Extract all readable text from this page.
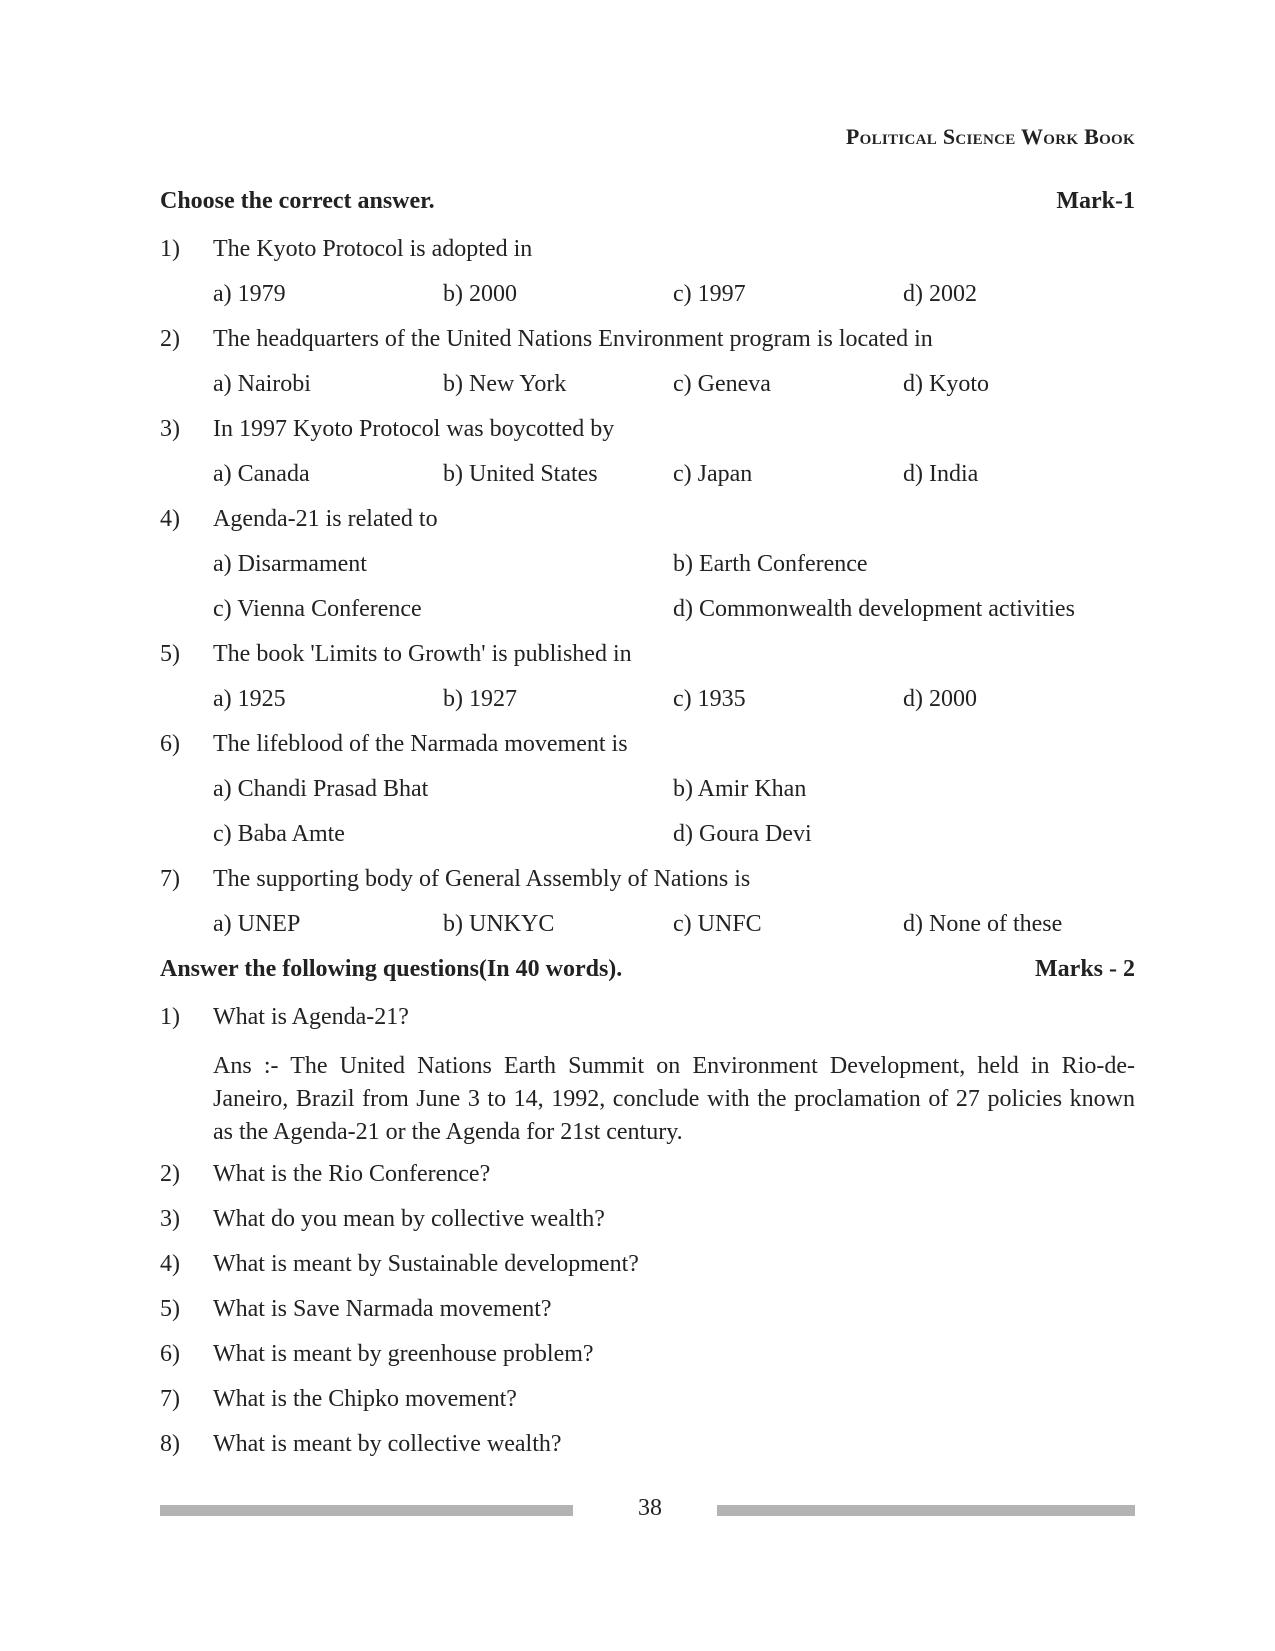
Political Science Work Book
Choose the correct answer.	Mark-1
1) The Kyoto Protocol is adopted in
a) 1979	b) 2000	c) 1997	d) 2002
2) The headquarters of the United Nations Environment program is located in
a) Nairobi	b) New York	c) Geneva	d) Kyoto
3) In 1997 Kyoto Protocol was boycotted by
a) Canada	b) United States	c) Japan	d) India
4) Agenda-21 is related to
a) Disarmament	b) Earth Conference
c) Vienna Conference	d) Commonwealth development activities
5) The book 'Limits to Growth' is published in
a) 1925	b) 1927	c) 1935	d) 2000
6) The lifeblood of the Narmada movement is
a) Chandi Prasad Bhat	b) Amir Khan
c) Baba Amte	d) Goura Devi
7) The supporting body of General Assembly of Nations is
a) UNEP	b) UNKYC	c) UNFC	d) None of these
Answer the following questions(In 40 words).	Marks - 2
1) What is Agenda-21?
Ans :- The United Nations Earth Summit on Environment Development, held in Rio-de-Janeiro, Brazil from June 3 to 14, 1992, conclude with the proclamation of 27 policies known as the Agenda-21 or the Agenda for 21st century.
2) What is the Rio Conference?
3) What do you mean by collective wealth?
4) What is meant by Sustainable development?
5) What is Save Narmada movement?
6) What is meant by greenhouse problem?
7) What is the Chipko movement?
8) What is meant by collective wealth?
38
